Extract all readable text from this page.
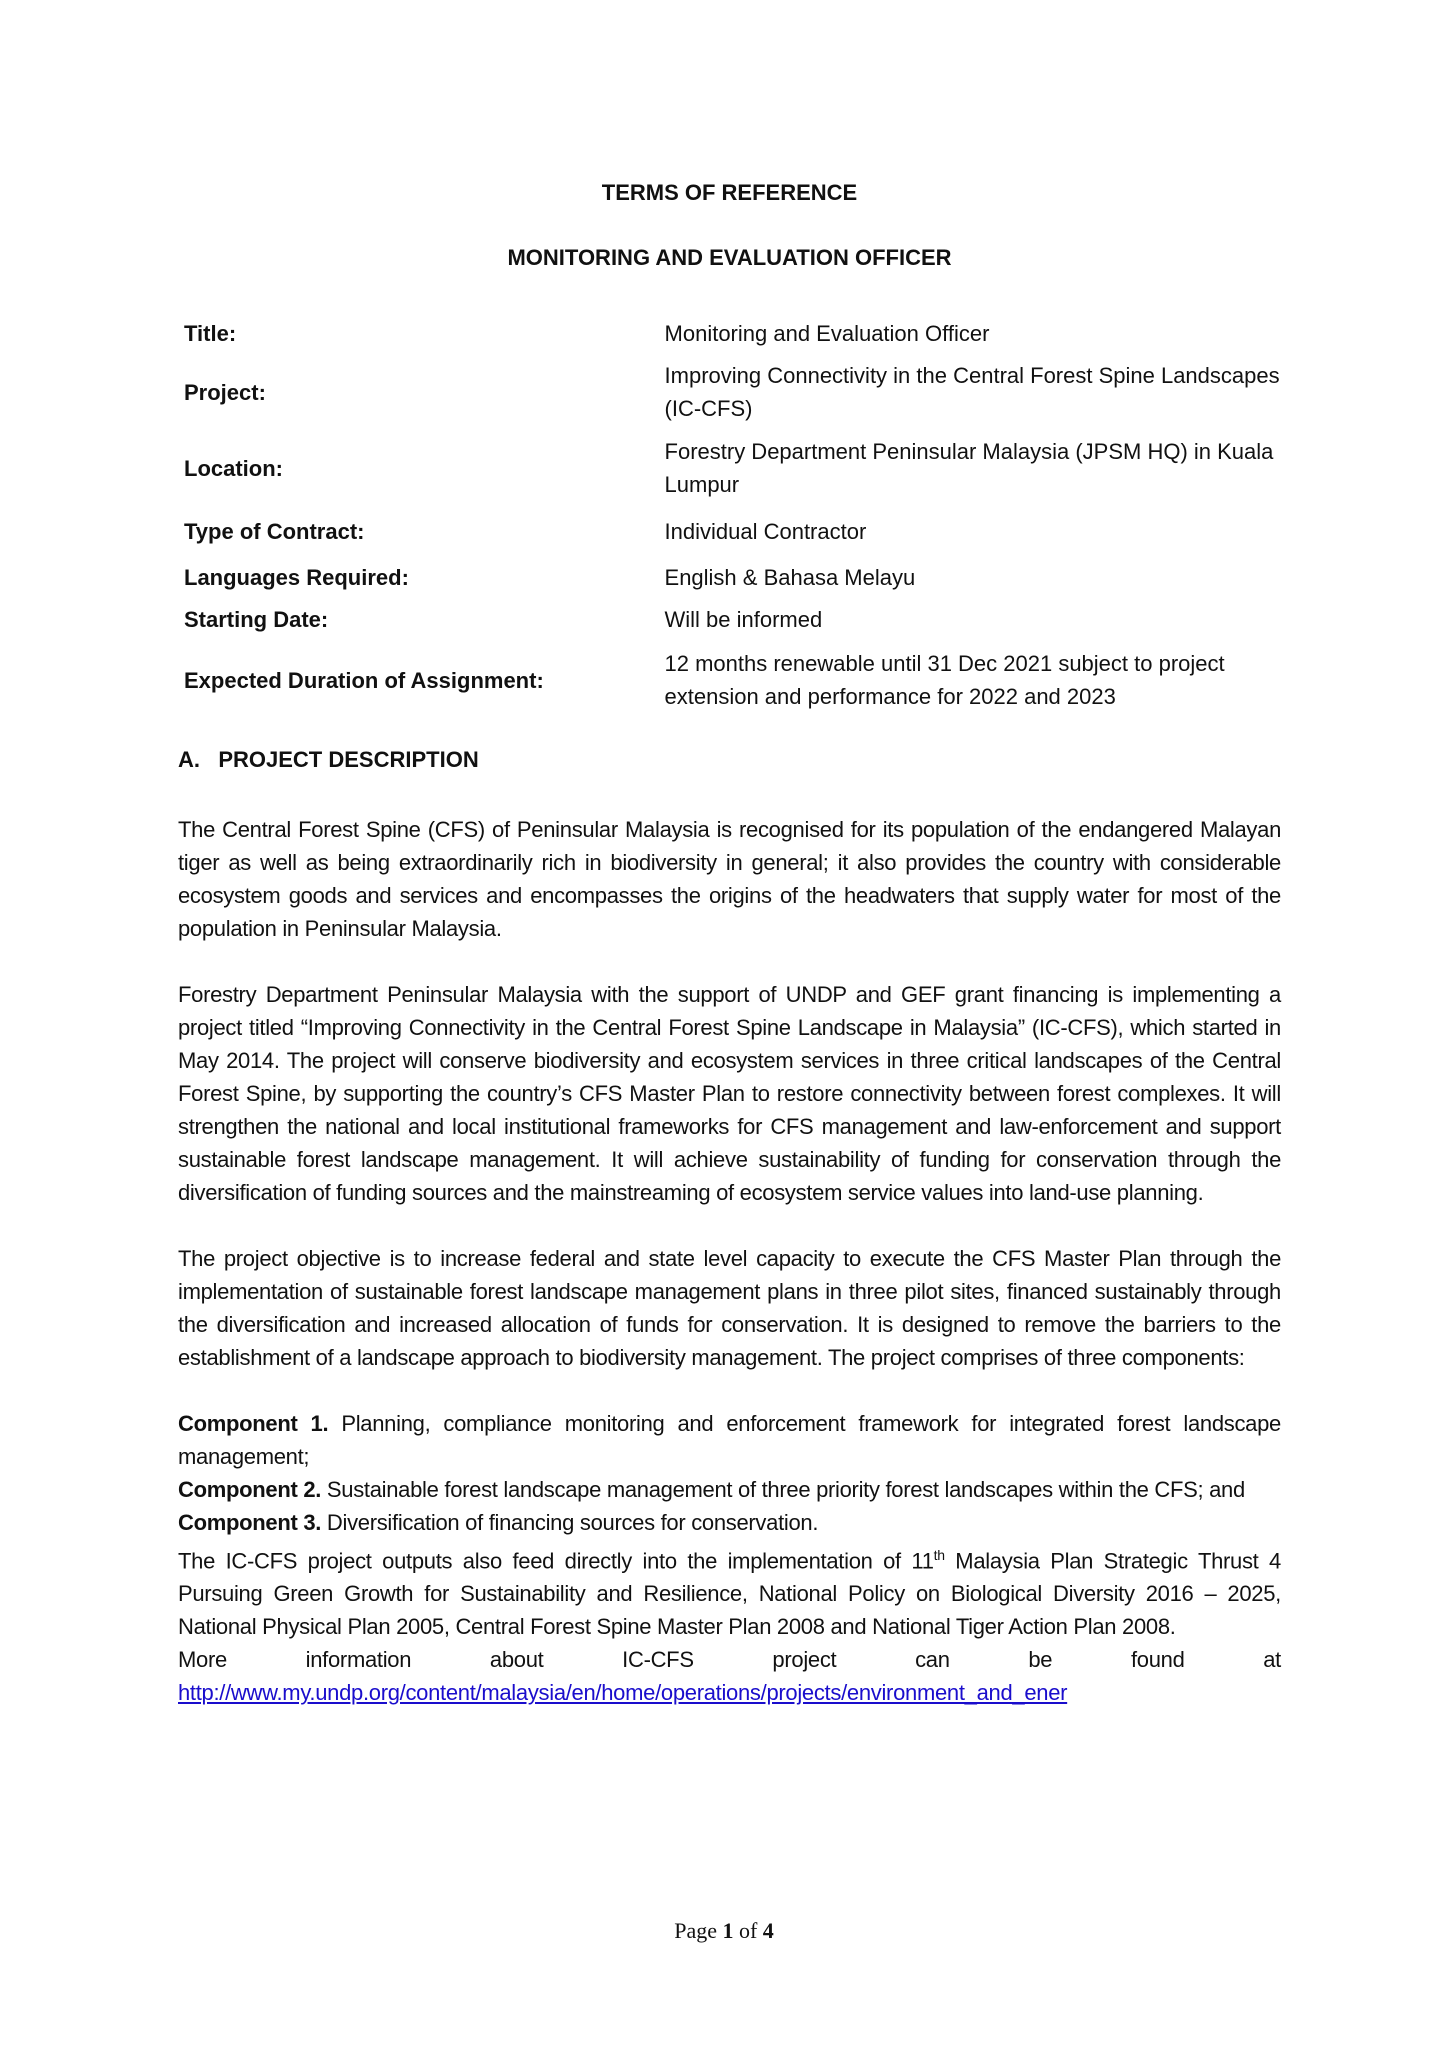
TERMS OF REFERENCE
MONITORING AND EVALUATION OFFICER
Title:	Monitoring and Evaluation Officer
Project:	Improving Connectivity in the Central Forest Spine Landscapes (IC-CFS)
Location:	Forestry Department Peninsular Malaysia (JPSM HQ) in Kuala Lumpur
Type of Contract:	Individual Contractor
Languages Required:	English & Bahasa Melayu
Starting Date:	Will be informed
Expected Duration of Assignment:	12 months renewable until 31 Dec 2021 subject to project extension and performance for 2022 and 2023
A.   PROJECT DESCRIPTION

The Central Forest Spine (CFS) of Peninsular Malaysia is recognised for its population of the endangered Malayan tiger as well as being extraordinarily rich in biodiversity in general; it also provides the country with considerable ecosystem goods and services and encompasses the origins of the headwaters that supply water for most of the population in Peninsular Malaysia.

Forestry Department Peninsular Malaysia with the support of UNDP and GEF grant financing is implementing a project titled “Improving Connectivity in the Central Forest Spine Landscape in Malaysia” (IC-CFS), which started in May 2014. The project will conserve biodiversity and ecosystem services in three critical landscapes of the Central Forest Spine, by supporting the country’s CFS Master Plan to restore connectivity between forest complexes. It will strengthen the national and local institutional frameworks for CFS management and law-enforcement and support sustainable forest landscape management. It will achieve sustainability of funding for conservation through the diversification of funding sources and the mainstreaming of ecosystem service values into land-use planning.

The project objective is to increase federal and state level capacity to execute the CFS Master Plan through the implementation of sustainable forest landscape management plans in three pilot sites, financed sustainably through the diversification and increased allocation of funds for conservation. It is designed to remove the barriers to the establishment of a landscape approach to biodiversity management. The project comprises of three components:

Component 1. Planning, compliance monitoring and enforcement framework for integrated forest landscape management;

Component 2. Sustainable forest landscape management of three priority forest landscapes within the CFS; and

Component 3. Diversification of financing sources for conservation.

The IC-CFS project outputs also feed directly into the implementation of 11th Malaysia Plan Strategic Thrust 4 Pursuing Green Growth for Sustainability and Resilience, National Policy on Biological Diversity 2016 – 2025, National Physical Plan 2005, Central Forest Spine Master Plan 2008 and National Tiger Action Plan 2008.

More information about IC-CFS project can be found at

http://www.my.undp.org/content/malaysia/en/home/operations/projects/environment_and_ener

Page 1 of 4
